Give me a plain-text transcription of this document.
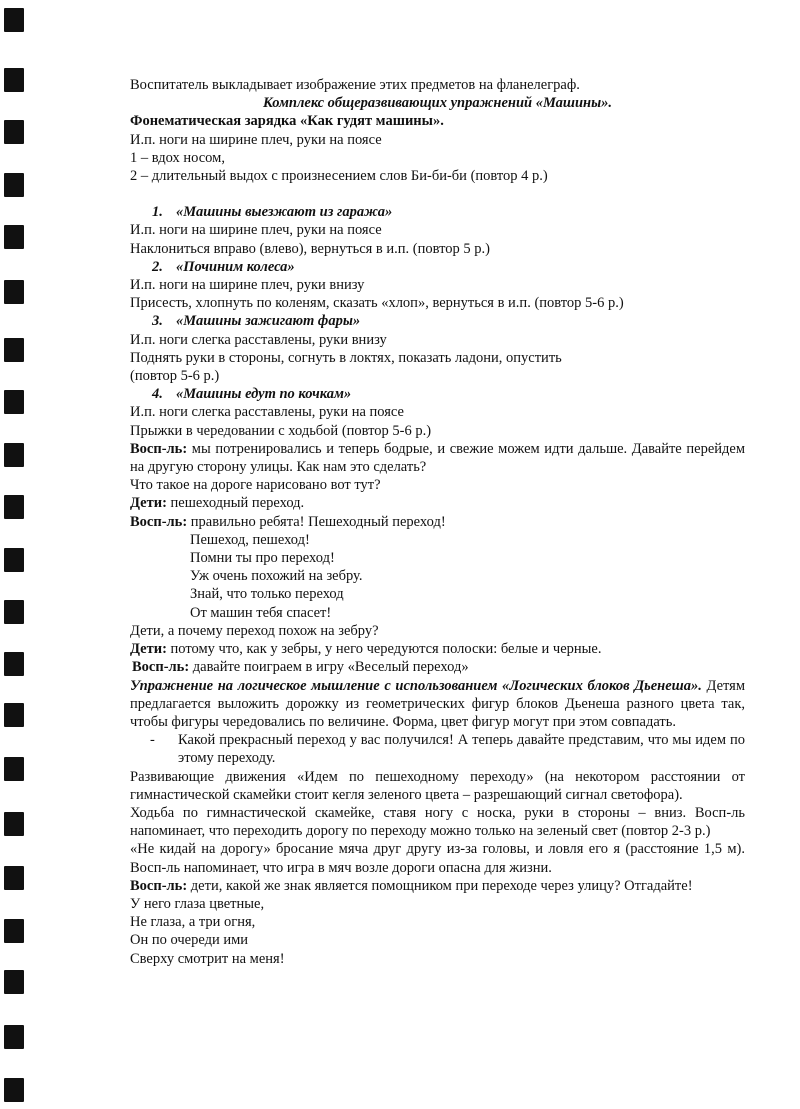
Воспитатель выкладывает изображение этих предметов на фланелеграф.

Комплекс общеразвивающих упражнений «Машины».

Фонематическая зарядка «Как гудят машины».

И.п. ноги на ширине плеч, руки на поясе

1 – вдох носом,

2 – длительный выдох с произнесением слов Би-би-би (повтор 4 р.)

1. «Машины выезжают из гаража»

И.п. ноги на ширине плеч, руки на поясе

Наклониться вправо (влево), вернуться в и.п. (повтор 5 р.)

2. «Починим колеса»

И.п. ноги на ширине плеч, руки внизу

Присесть, хлопнуть по коленям, сказать «хлоп», вернуться в и.п. (повтор 5-6 р.)

3. «Машины зажигают фары»

И.п. ноги слегка расставлены, руки внизу

Поднять руки в стороны, согнуть в локтях, показать ладони, опустить

(повтор 5-6 р.)

4. «Машины едут по кочкам»

И.п. ноги слегка расставлены, руки на поясе

Прыжки в чередовании с ходьбой (повтор 5-6 р.)

Восп-ль: мы потренировались и теперь бодрые, и свежие можем идти дальше. Давайте перейдем на другую сторону улицы. Как нам это сделать?

Что такое на дороге нарисовано вот тут?

Дети: пешеходный переход.

Восп-ль: правильно ребята! Пешеходный переход!

Пешеход, пешеход!

Помни ты про переход!

Уж очень похожий на зебру.

Знай, что только переход

От машин тебя спасет!

Дети, а почему переход похож на зебру?

Дети: потому что, как у зебры, у него чередуются полоски: белые и черные.

Восп-ль: давайте поиграем в игру «Веселый переход»

Упражнение на логическое мышление с использованием «Логических блоков Дьенеша». Детям предлагается выложить дорожку из геометрических фигур блоков Дьенеша разного цвета так, чтобы фигуры чередовались по величине. Форма, цвет фигур могут при этом совпадать.

-	Какой прекрасный переход у вас получился! А теперь давайте представим, что мы идем по этому переходу.

Развивающие движения «Идем по пешеходному переходу» (на некотором расстоянии от гимнастической скамейки стоит кегля зеленого цвета – разрешающий сигнал светофора).

Ходьба по гимнастической скамейке, ставя ногу с носка, руки в стороны – вниз. Восп-ль напоминает, что переходить дорогу по переходу можно только на зеленый свет (повтор 2-3 р.)

«Не кидай на дорогу» бросание мяча друг другу из-за головы, и ловля его я (расстояние 1,5 м). Восп-ль напоминает, что игра в мяч возле дороги опасна для жизни.

Восп-ль: дети, какой же знак является помощником при переходе через улицу? Отгадайте!

У него глаза цветные,

Не глаза, а три огня,

Он по очереди ими

Сверху смотрит на меня!
